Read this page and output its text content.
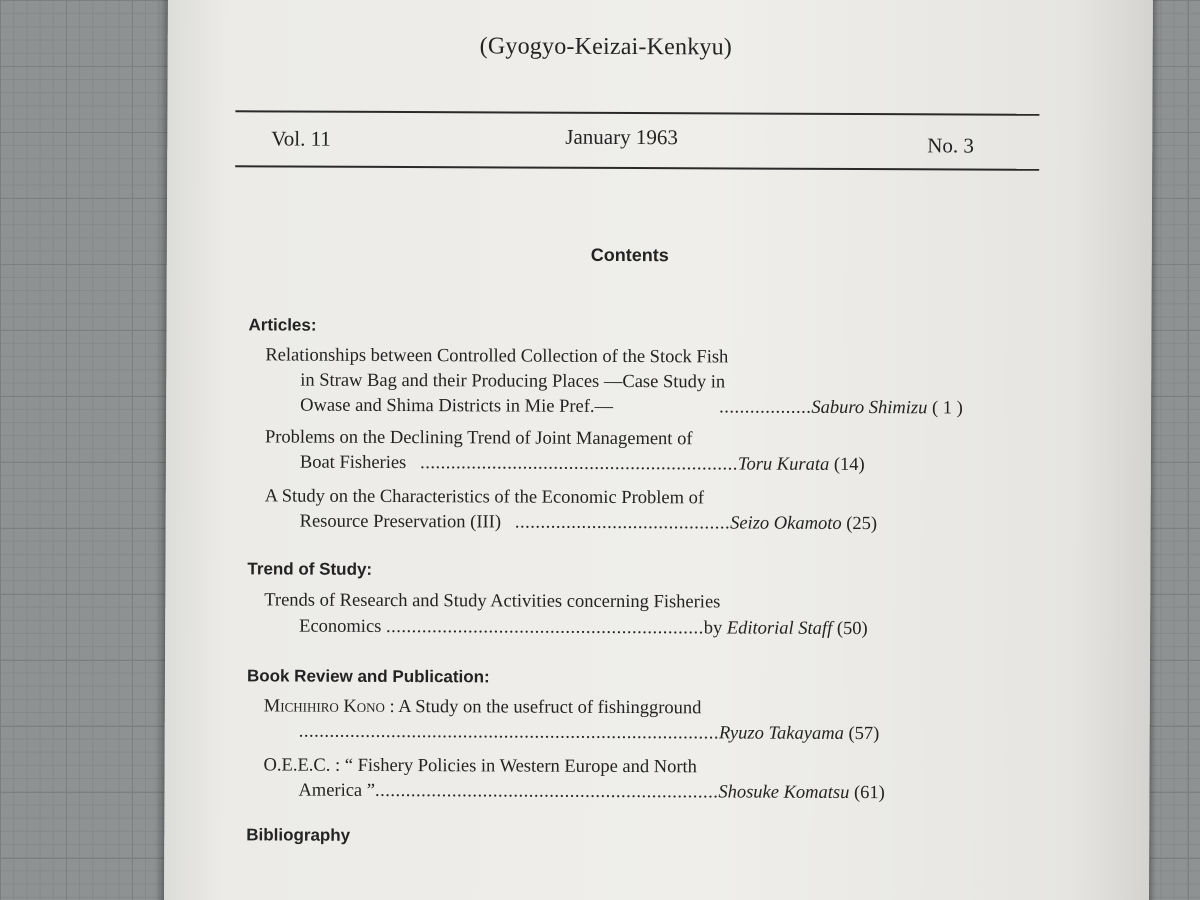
(Gyogyo-Keizai-Kenkyu)
Vol. 11	January 1963	No. 3
Contents
Articles:
Relationships between Controlled Collection of the Stock Fish
in Straw Bag and their Producing Places —Case Study in
Owase and Shima Districts in Mie Pref.—	..................Saburo Shimizu ( 1 )
Problems on the Declining Trend of Joint Management of
Boat Fisheries ..............................................................Toru Kurata (14)
A Study on the Characteristics of the Economic Problem of
Resource Preservation (III) ..........................................Seizo Okamoto (25)
Trend of Study:
Trends of Research and Study Activities concerning Fisheries
Economics ..............................................................by Editorial Staff (50)
Book Review and Publication:
Michihiro Kono : A Study on the usefruct of fishingground
..................................................................................Ryuzo Takayama (57)
O.E.E.C. : “ Fishery Policies in Western Europe and North
America ”...................................................................Shosuke Komatsu (61)
Bibliography
